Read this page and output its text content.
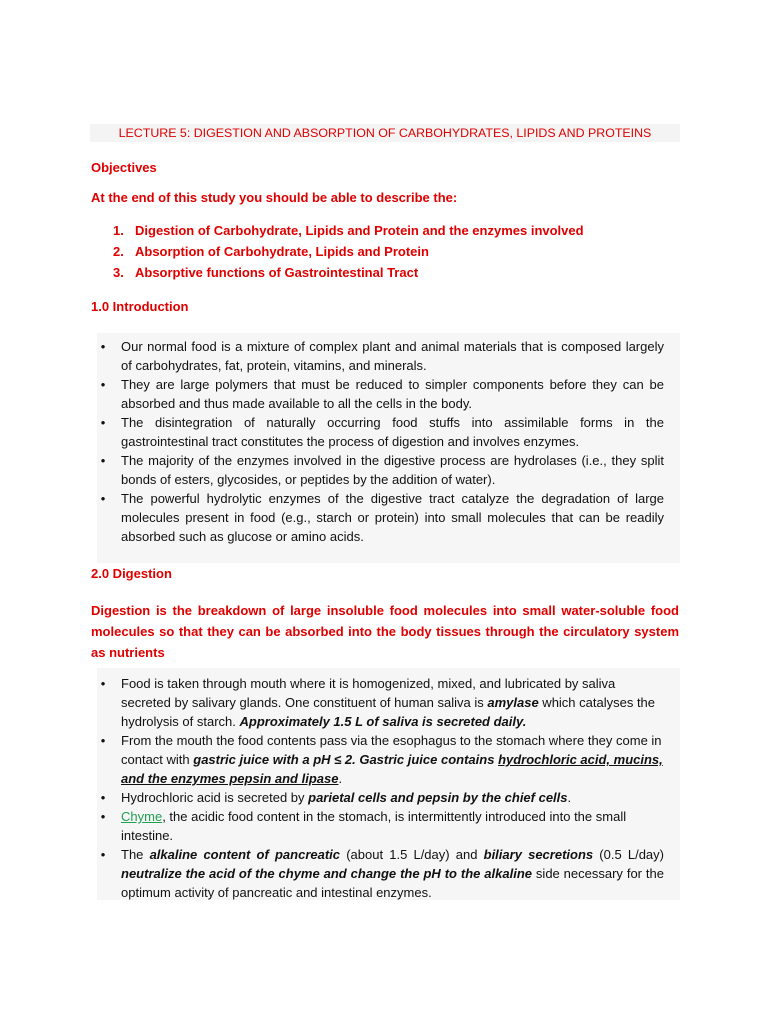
LECTURE 5: DIGESTION AND ABSORPTION OF CARBOHYDRATES, LIPIDS AND PROTEINS
Objectives
At the end of this study you should be able to describe the:
1. Digestion of Carbohydrate, Lipids and Protein and the enzymes involved
2. Absorption of Carbohydrate, Lipids and Protein
3. Absorptive functions of Gastrointestinal Tract
1.0 Introduction
• Our normal food is a mixture of complex plant and animal materials that is composed largely of carbohydrates, fat, protein, vitamins, and minerals.
• They are large polymers that must be reduced to simpler components before they can be absorbed and thus made available to all the cells in the body.
• The disintegration of naturally occurring food stuffs into assimilable forms in the gastrointestinal tract constitutes the process of digestion and involves enzymes.
• The majority of the enzymes involved in the digestive process are hydrolases (i.e., they split bonds of esters, glycosides, or peptides by the addition of water).
• The powerful hydrolytic enzymes of the digestive tract catalyze the degradation of large molecules present in food (e.g., starch or protein) into small molecules that can be readily absorbed such as glucose or amino acids.
2.0 Digestion
Digestion is the breakdown of large insoluble food molecules into small water-soluble food molecules so that they can be absorbed into the body tissues through the circulatory system as nutrients
• Food is taken through mouth where it is homogenized, mixed, and lubricated by saliva secreted by salivary glands. One constituent of human saliva is amylase which catalyses the hydrolysis of starch. Approximately 1.5 L of saliva is secreted daily.
• From the mouth the food contents pass via the esophagus to the stomach where they come in contact with gastric juice with a pH ≤ 2. Gastric juice contains hydrochloric acid, mucins, and the enzymes pepsin and lipase.
• Hydrochloric acid is secreted by parietal cells and pepsin by the chief cells.
• Chyme, the acidic food content in the stomach, is intermittently introduced into the small intestine.
• The alkaline content of pancreatic (about 1.5 L/day) and biliary secretions (0.5 L/day) neutralize the acid of the chyme and change the pH to the alkaline side necessary for the optimum activity of pancreatic and intestinal enzymes.
